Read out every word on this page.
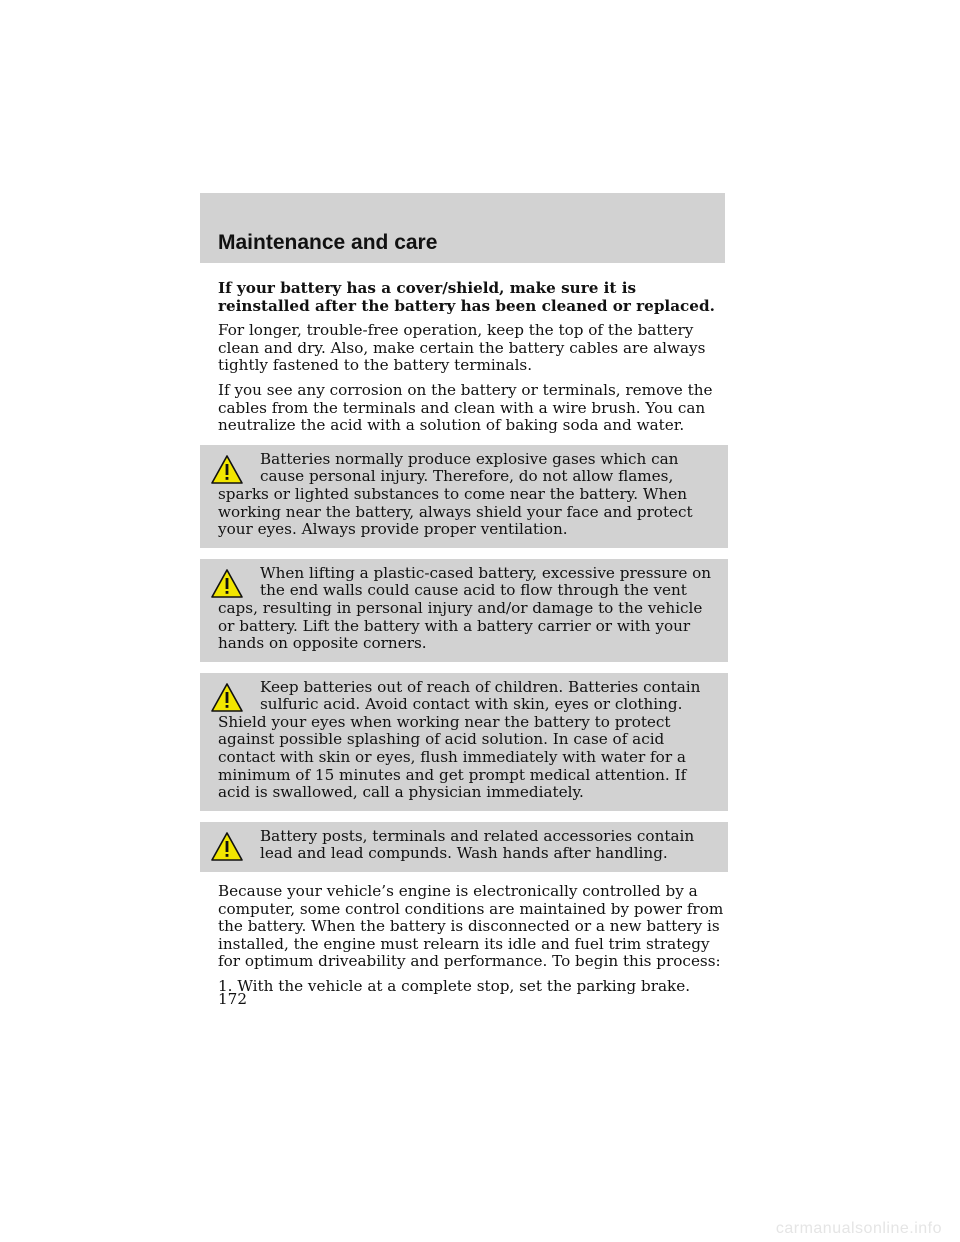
Maintenance and care

If your battery has a cover/shield, make sure it is reinstalled after the battery has been cleaned or replaced.

For longer, trouble-free operation, keep the top of the battery clean and dry. Also, make certain the battery cables are always tightly fastened to the battery terminals.

If you see any corrosion on the battery or terminals, remove the cables from the terminals and clean with a wire brush. You can neutralize the acid with a solution of baking soda and water.

Batteries normally produce explosive gases which can cause personal injury. Therefore, do not allow flames, sparks or lighted substances to come near the battery. When working near the battery, always shield your face and protect your eyes. Always provide proper ventilation.
When lifting a plastic-cased battery, excessive pressure on the end walls could cause acid to flow through the vent caps, resulting in personal injury and/or damage to the vehicle or battery. Lift the battery with a battery carrier or with your hands on opposite corners.
Keep batteries out of reach of children. Batteries contain sulfuric acid. Avoid contact with skin, eyes or clothing. Shield your eyes when working near the battery to protect against possible splashing of acid solution. In case of acid contact with skin or eyes, flush immediately with water for a minimum of 15 minutes and get prompt medical attention. If acid is swallowed, call a physician immediately.
Battery posts, terminals and related accessories contain lead and lead compunds. Wash hands after handling.

Because your vehicle’s engine is electronically controlled by a computer, some control conditions are maintained by power from the battery. When the battery is disconnected or a new battery is installed, the engine must relearn its idle and fuel trim strategy for optimum driveability and performance. To begin this process:

1. With the vehicle at a complete stop, set the parking brake.

172
carmanualsonline.info
